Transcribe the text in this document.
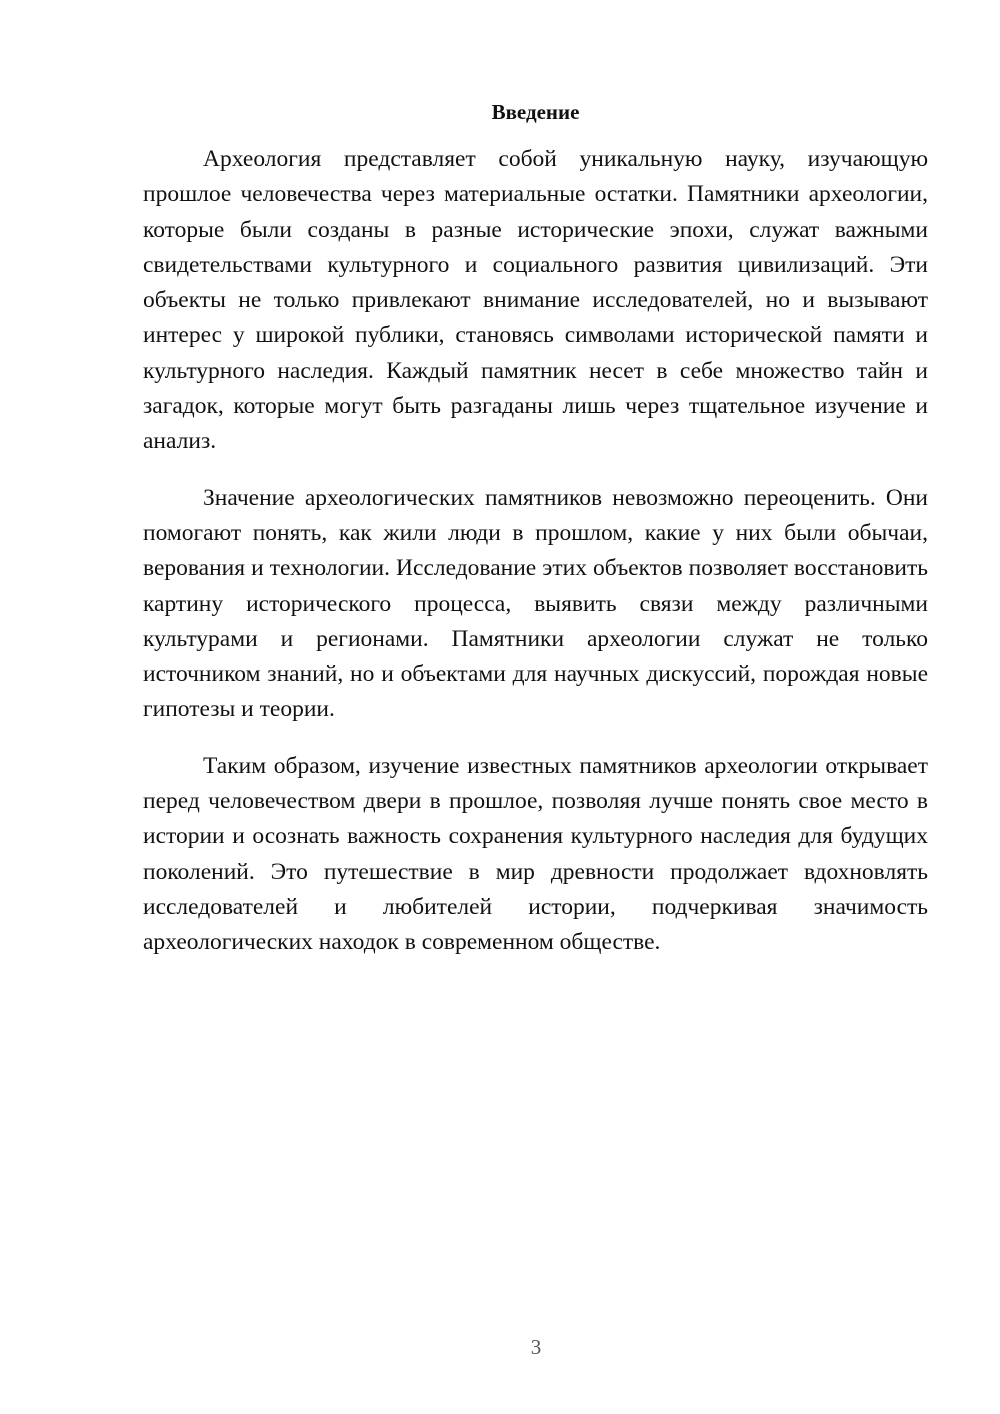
Введение

Археология представляет собой уникальную науку, изучающую прошлое человечества через материальные остатки. Памятники археологии, которые были созданы в разные исторические эпохи, служат важными свидетельствами культурного и социального развития цивилизаций. Эти объекты не только привлекают внимание исследователей, но и вызывают интерес у широкой публики, становясь символами исторической памяти и культурного наследия. Каждый памятник несет в себе множество тайн и загадок, которые могут быть разгаданы лишь через тщательное изучение и анализ.

Значение археологических памятников невозможно переоценить. Они помогают понять, как жили люди в прошлом, какие у них были обычаи, верования и технологии. Исследование этих объектов позволяет восстановить картину исторического процесса, выявить связи между различными культурами и регионами. Памятники археологии служат не только источником знаний, но и объектами для научных дискуссий, порождая новые гипотезы и теории.

Таким образом, изучение известных памятников археологии открывает перед человечеством двери в прошлое, позволяя лучше понять свое место в истории и осознать важность сохранения культурного наследия для будущих поколений. Это путешествие в мир древности продолжает вдохновлять исследователей и любителей истории, подчеркивая значимость археологических находок в современном обществе.

3
